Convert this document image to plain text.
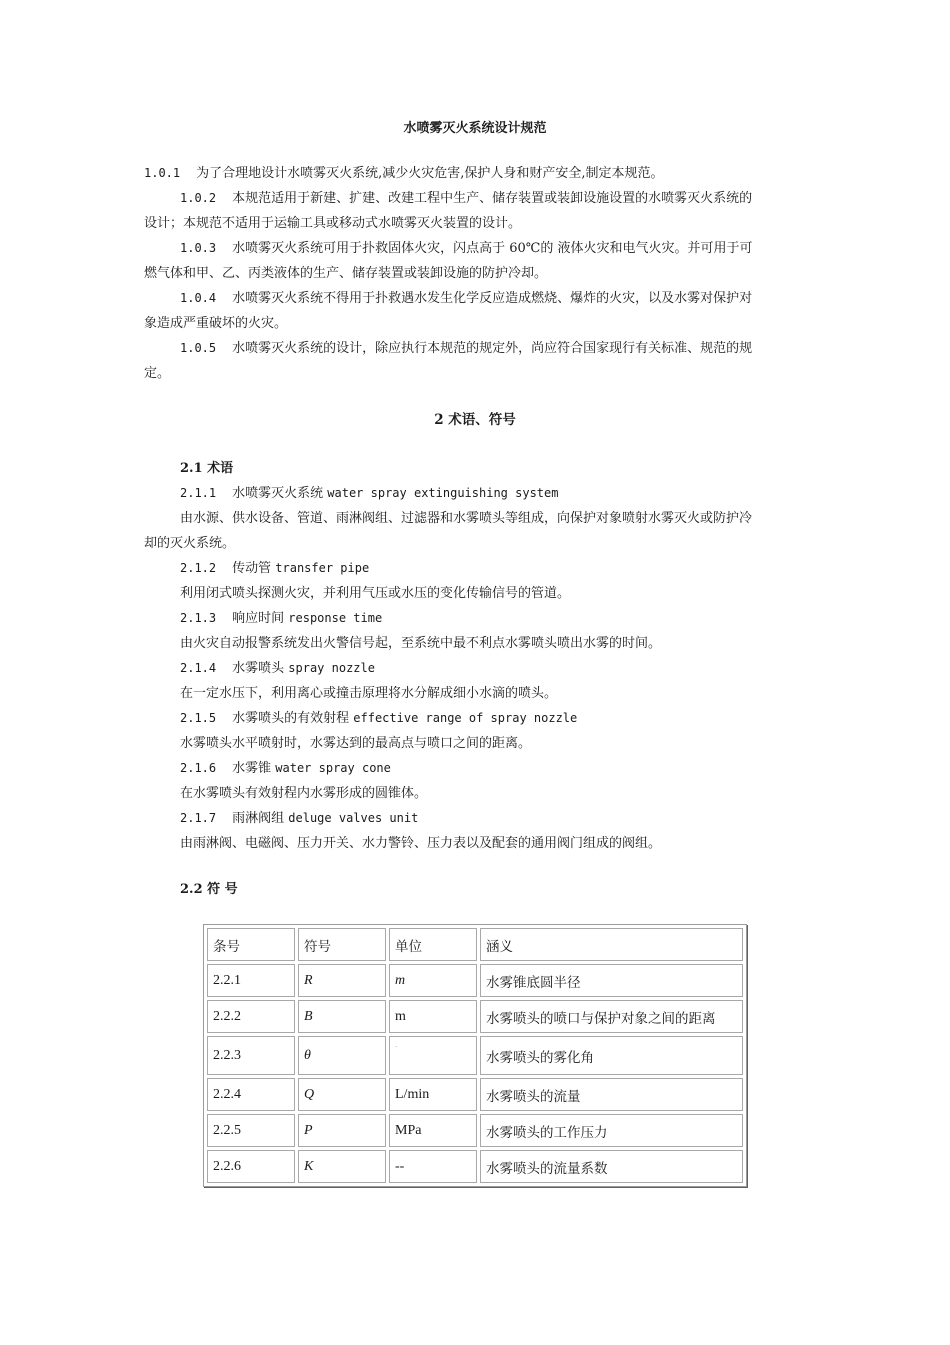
水喷雾灭火系统设计规范
1.0.1 为了合理地设计水喷雾灭火系统,减少火灾危害,保护人身和财产安全,制定本规范。
1.0.2 本规范适用于新建、扩建、改建工程中生产、储存装置或装卸设施设置的水喷雾灭火系统的
设计；本规范不适用于运输工具或移动式水喷雾灭火装置的设计。
1.0.3 水喷雾灭火系统可用于扑救固体火灾，闪点高于 60℃的 液体火灾和电气火灾。并可用于可
燃气体和甲、乙、丙类液体的生产、储存装置或装卸设施的防护冷却。
1.0.4 水喷雾灭火系统不得用于扑救遇水发生化学反应造成燃烧、爆炸的火灾，以及水雾对保护对
象造成严重破坏的火灾。
1.0.5 水喷雾灭火系统的设计，除应执行本规范的规定外，尚应符合国家现行有关标准、规范的规
定。
2 术语、符号
2.1 术语
2.1.1 水喷雾灭火系统 water spray extinguishing system
由水源、供水设备、管道、雨淋阀组、过滤器和水雾喷头等组成，向保护对象喷射水雾灭火或防护冷
却的灭火系统。
2.1.2 传动管 transfer pipe
利用闭式喷头探测火灾，并利用气压或水压的变化传输信号的管道。
2.1.3 响应时间 response time
由火灾自动报警系统发出火警信号起，至系统中最不利点水雾喷头喷出水雾的时间。
2.1.4 水雾喷头 spray nozzle
在一定水压下，利用离心或撞击原理将水分解成细小水滴的喷头。
2.1.5 水雾喷头的有效射程 effective range of spray nozzle
水雾喷头水平喷射时，水雾达到的最高点与喷口之间的距离。
2.1.6 水雾锥 water spray cone
在水雾喷头有效射程内水雾形成的圆锥体。
2.1.7 雨淋阀组 deluge valves unit
由雨淋阀、电磁阀、压力开关、水力警铃、压力表以及配套的通用阀门组成的阀组。
2.2 符 号
条号	符号	单位	涵义
2.2.1	R	m	水雾锥底圆半径
2.2.2	B	m	水雾喷头的喷口与保护对象之间的距离
2.2.3	θ	·	水雾喷头的雾化角
2.2.4	Q	L/min	水雾喷头的流量
2.2.5	P	MPa	水雾喷头的工作压力
2.2.6	K	--	水雾喷头的流量系数
